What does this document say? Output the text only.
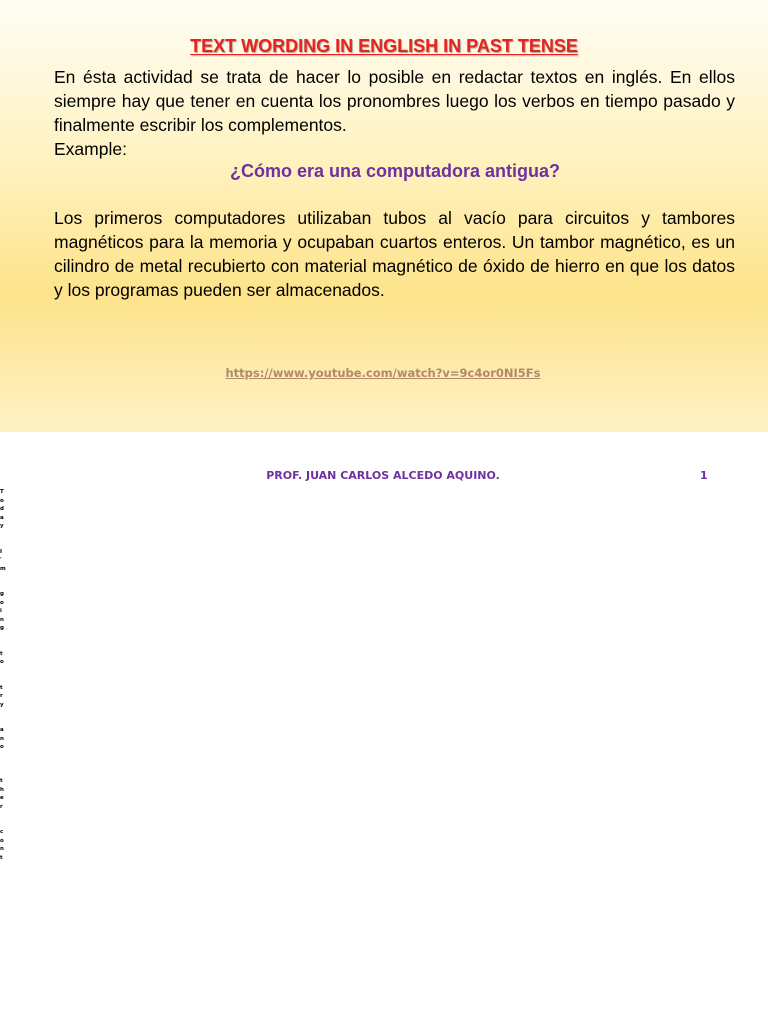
TEXT WORDING IN ENGLISH IN PAST TENSE

En ésta actividad se trata de hacer lo posible en redactar textos en inglés. En ellos siempre hay que tener en cuenta los pronombres luego los verbos en tiempo pasado y finalmente escribir los complementos.

Example:

¿Cómo era una computadora antigua?

Los primeros computadores utilizaban tubos al vacío para circuitos y tambores magnéticos para la memoria y ocupaban cuartos enteros. Un tambor magnético, es un cilindro de metal recubierto con material magnético de óxido de hierro en que los datos y los programas pueden ser almacenados.

https://www.youtube.com/watch?v=9c4or0NI5Fs
PROF. JUAN CARLOS ALCEDO AQUINO.	1
T
o
d
a
y

I
'
m

g
o
i
n
g

t
o

t
r
y

a
n
o

t
h
e
r

c
o
n
t
